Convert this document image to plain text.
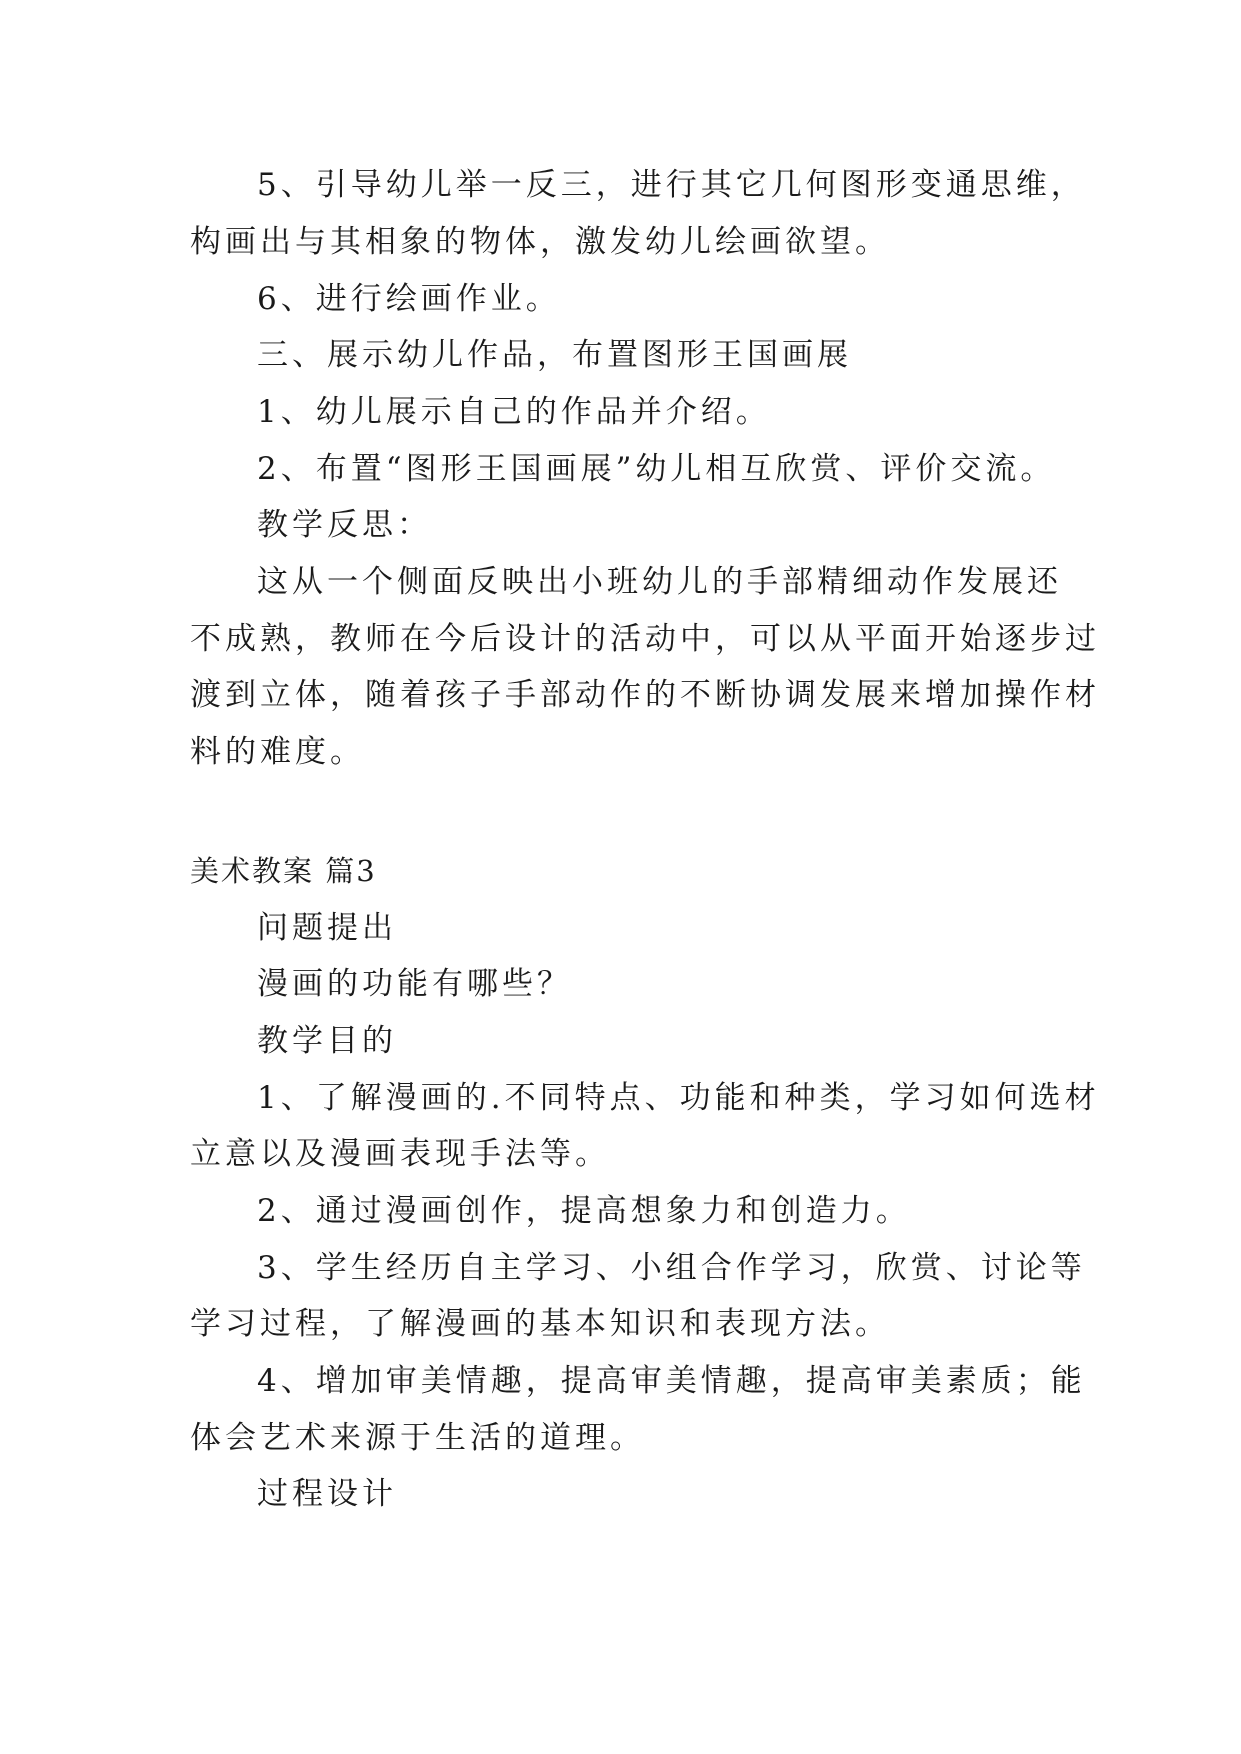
5、引导幼儿举一反三，进行其它几何图形变通思维，
构画出与其相象的物体，激发幼儿绘画欲望。
6、进行绘画作业。
三、展示幼儿作品，布置图形王国画展
1、幼儿展示自己的作品并介绍。
2、布置“图形王国画展”幼儿相互欣赏、评价交流。
教学反思：
这从一个侧面反映出小班幼儿的手部精细动作发展还
不成熟，教师在今后设计的活动中，可以从平面开始逐步过
渡到立体，随着孩子手部动作的不断协调发展来增加操作材
料的难度。
美术教案 篇3
问题提出
漫画的功能有哪些？
教学目的
1、了解漫画的.不同特点、功能和种类，学习如何选材
立意以及漫画表现手法等。
2、通过漫画创作，提高想象力和创造力。
3、学生经历自主学习、小组合作学习，欣赏、讨论等
学习过程，了解漫画的基本知识和表现方法。
4、增加审美情趣，提高审美情趣，提高审美素质；能
体会艺术来源于生活的道理。
过程设计
